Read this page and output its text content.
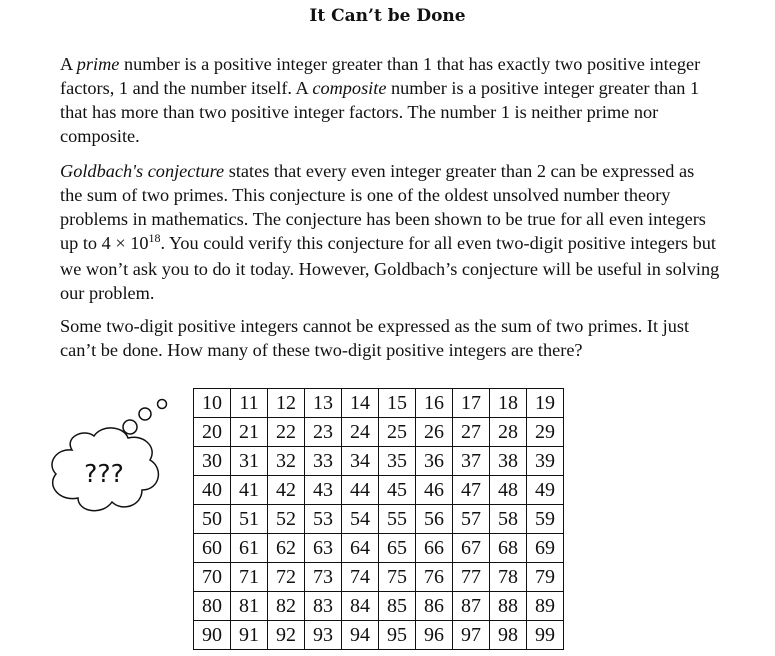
It Can’t be Done

A prime number is a positive integer greater than 1 that has exactly two positive integer factors, 1 and the number itself. A composite number is a positive integer greater than 1 that has more than two positive integer factors. The number 1 is neither prime nor composite.

Goldbach's conjecture states that every even integer greater than 2 can be expressed as the sum of two primes. This conjecture is one of the oldest unsolved number theory problems in mathematics. The conjecture has been shown to be true for all even integers up to $4 \times 10^{18}$. You could verify this conjecture for all even two-digit positive integers but we won’t ask you to do it today. However, Goldbach’s conjecture will be useful in solving our problem.

Some two-digit positive integers cannot be expressed as the sum of two primes. It just can’t be done. How many of these two-digit positive integers are there?

???
10	11	12	13	14	15	16	17	18	19
20	21	22	23	24	25	26	27	28	29
30	31	32	33	34	35	36	37	38	39
40	41	42	43	44	45	46	47	48	49
50	51	52	53	54	55	56	57	58	59
60	61	62	63	64	65	66	67	68	69
70	71	72	73	74	75	76	77	78	79
80	81	82	83	84	85	86	87	88	89
90	91	92	93	94	95	96	97	98	99
